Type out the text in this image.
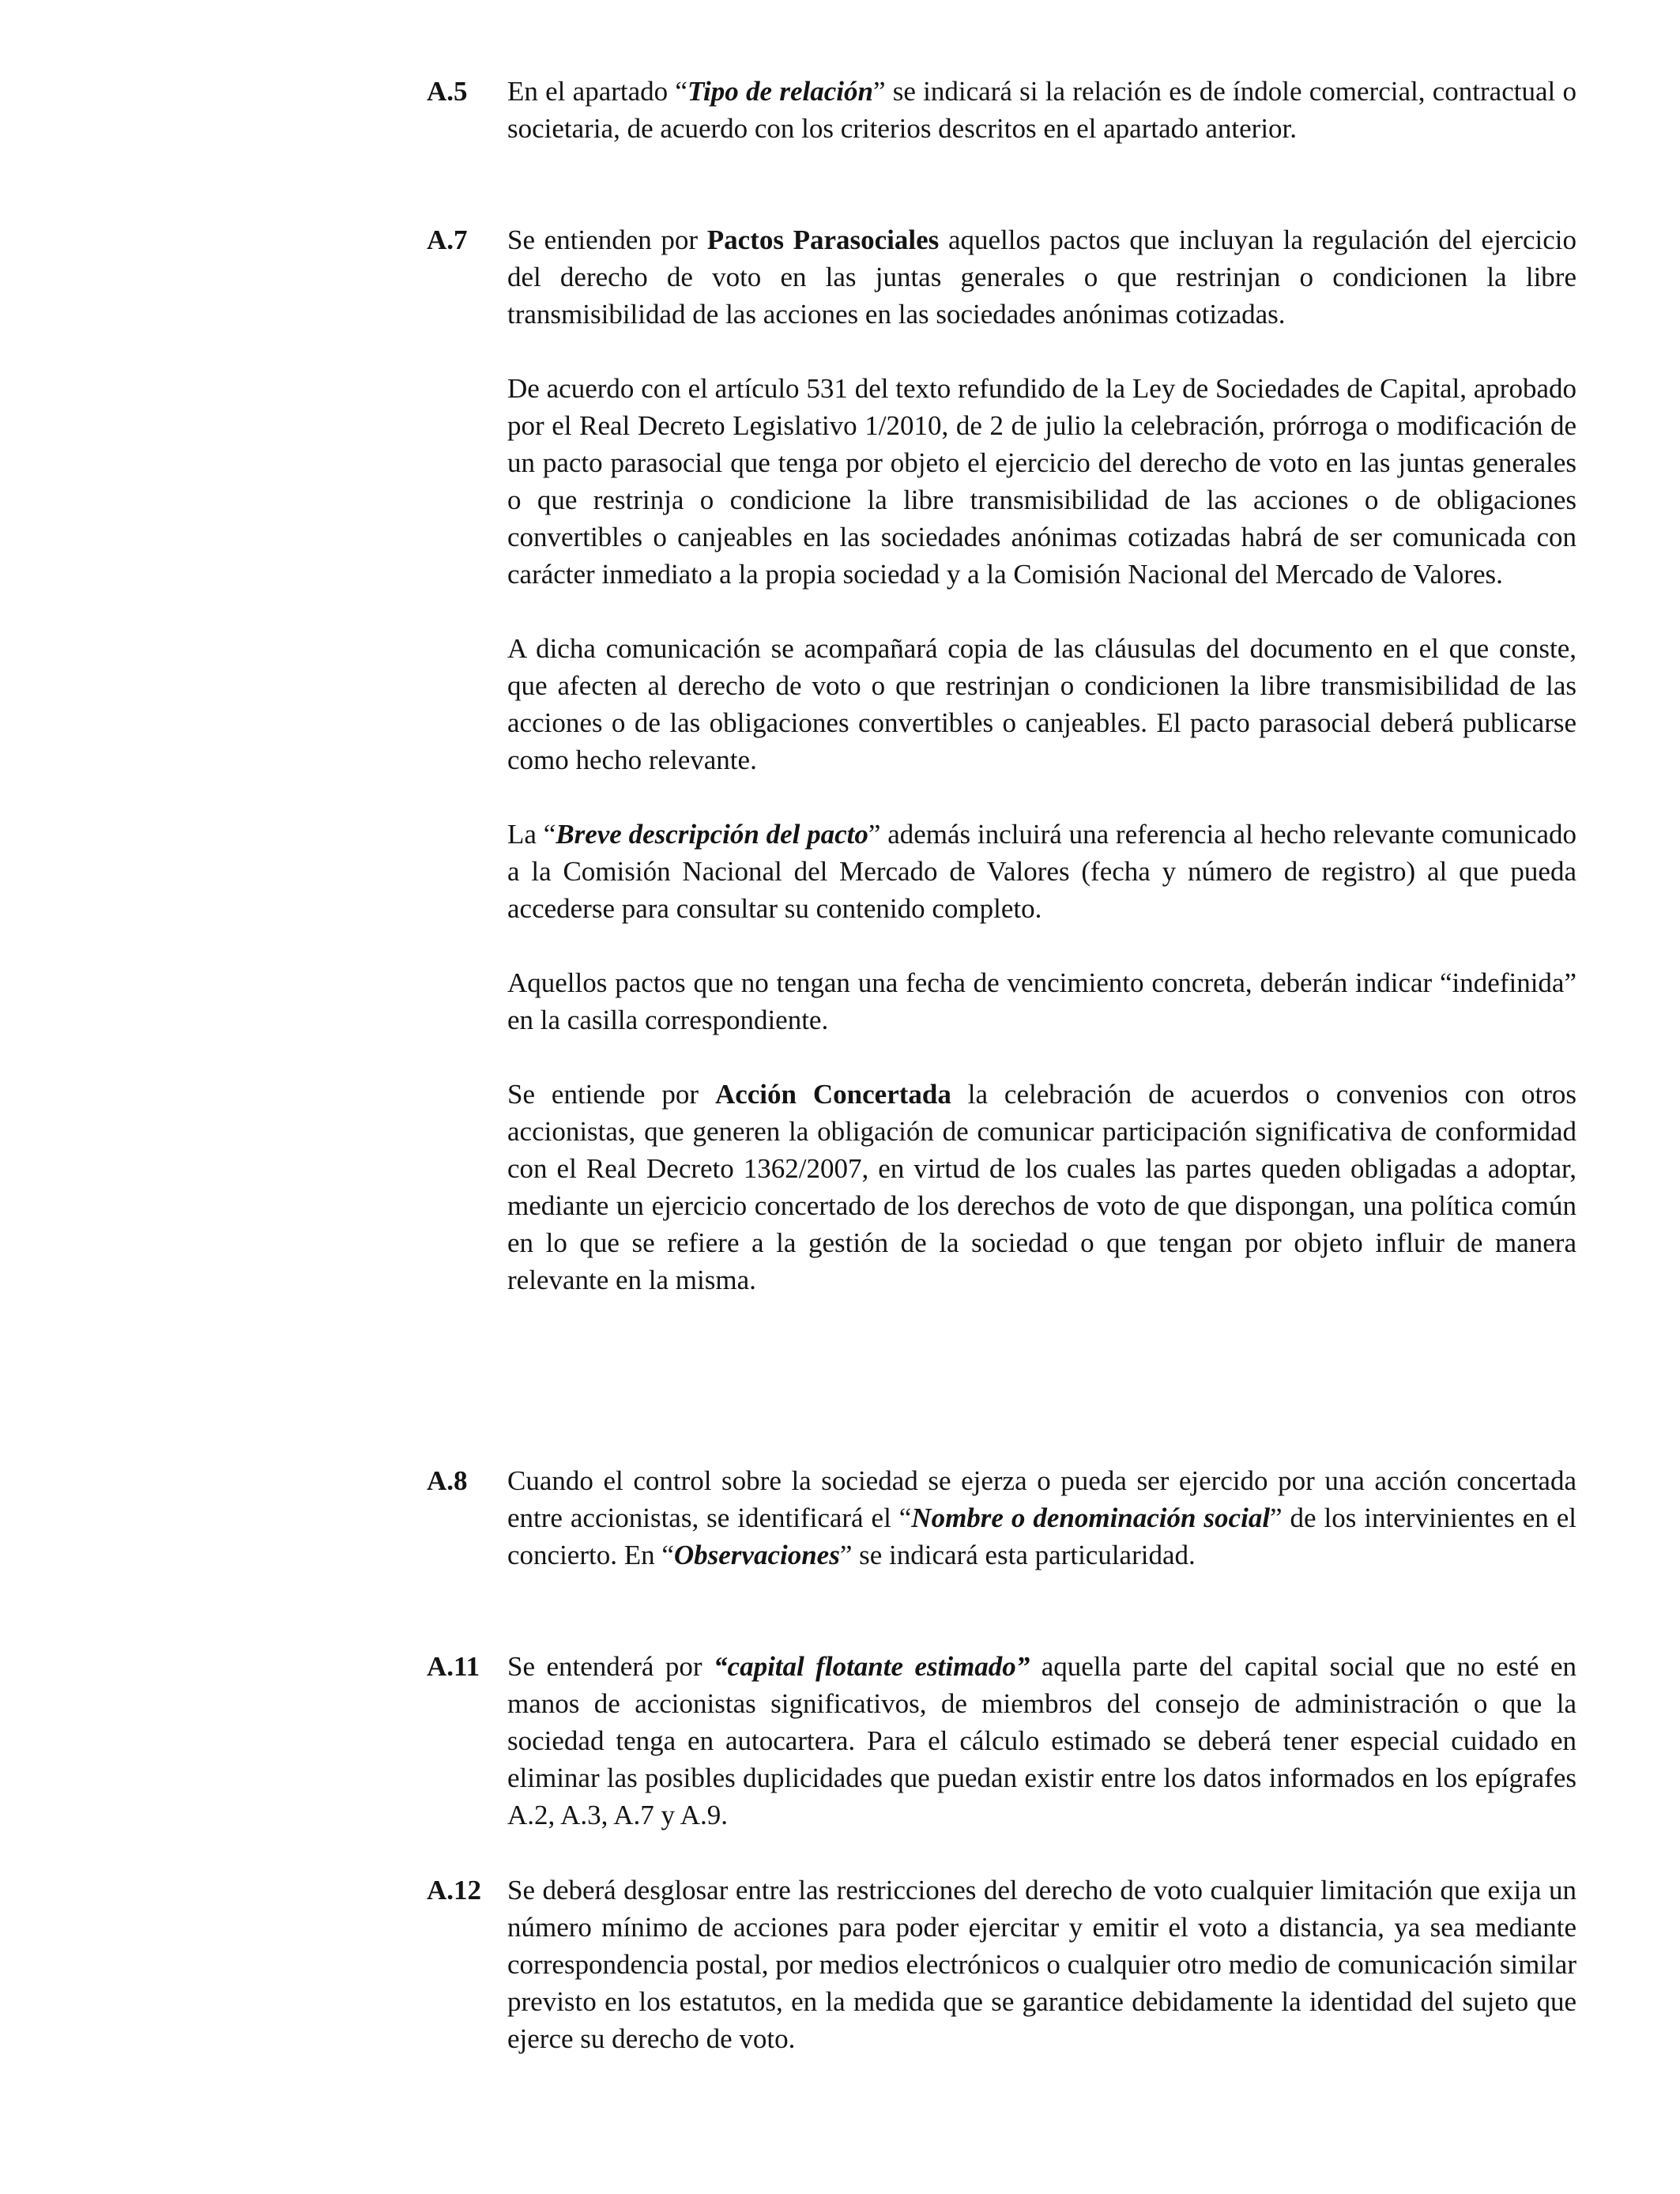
A.5 En el apartado “Tipo de relación” se indicará si la relación es de índole comercial, contractual o societaria, de acuerdo con los criterios descritos en el apartado anterior.

A.7 Se entienden por Pactos Parasociales aquellos pactos que incluyan la regulación del ejercicio del derecho de voto en las juntas generales o que restrinjan o condicionen la libre transmisibilidad de las acciones en las sociedades anónimas cotizadas.

De acuerdo con el artículo 531 del texto refundido de la Ley de Sociedades de Capital, aprobado por el Real Decreto Legislativo 1/2010, de 2 de julio la celebración, prórroga o modificación de un pacto parasocial que tenga por objeto el ejercicio del derecho de voto en las juntas generales o que restrinja o condicione la libre transmisibilidad de las acciones o de obligaciones convertibles o canjeables en las sociedades anónimas cotizadas habrá de ser comunicada con carácter inmediato a la propia sociedad y a la Comisión Nacional del Mercado de Valores.

A dicha comunicación se acompañará copia de las cláusulas del documento en el que conste, que afecten al derecho de voto o que restrinjan o condicionen la libre transmisibilidad de las acciones o de las obligaciones convertibles o canjeables. El pacto parasocial deberá publicarse como hecho relevante.

La “Breve descripción del pacto” además incluirá una referencia al hecho relevante comunicado a la Comisión Nacional del Mercado de Valores (fecha y número de registro) al que pueda accederse para consultar su contenido completo.

Aquellos pactos que no tengan una fecha de vencimiento concreta, deberán indicar “indefinida” en la casilla correspondiente.

Se entiende por Acción Concertada la celebración de acuerdos o convenios con otros accionistas, que generen la obligación de comunicar participación significativa de conformidad con el Real Decreto 1362/2007, en virtud de los cuales las partes queden obligadas a adoptar, mediante un ejercicio concertado de los derechos de voto de que dispongan, una política común en lo que se refiere a la gestión de la sociedad o que tengan por objeto influir de manera relevante en la misma.

A.8 Cuando el control sobre la sociedad se ejerza o pueda ser ejercido por una acción concertada entre accionistas, se identificará el “Nombre o denominación social” de los intervinientes en el concierto. En “Observaciones” se indicará esta particularidad.

A.11 Se entenderá por “capital flotante estimado” aquella parte del capital social que no esté en manos de accionistas significativos, de miembros del consejo de administración o que la sociedad tenga en autocartera. Para el cálculo estimado se deberá tener especial cuidado en eliminar las posibles duplicidades que puedan existir entre los datos informados en los epígrafes A.2, A.3, A.7 y A.9.

A.12 Se deberá desglosar entre las restricciones del derecho de voto cualquier limitación que exija un número mínimo de acciones para poder ejercitar y emitir el voto a distancia, ya sea mediante correspondencia postal, por medios electrónicos o cualquier otro medio de comunicación similar previsto en los estatutos, en la medida que se garantice debidamente la identidad del sujeto que ejerce su derecho de voto.
